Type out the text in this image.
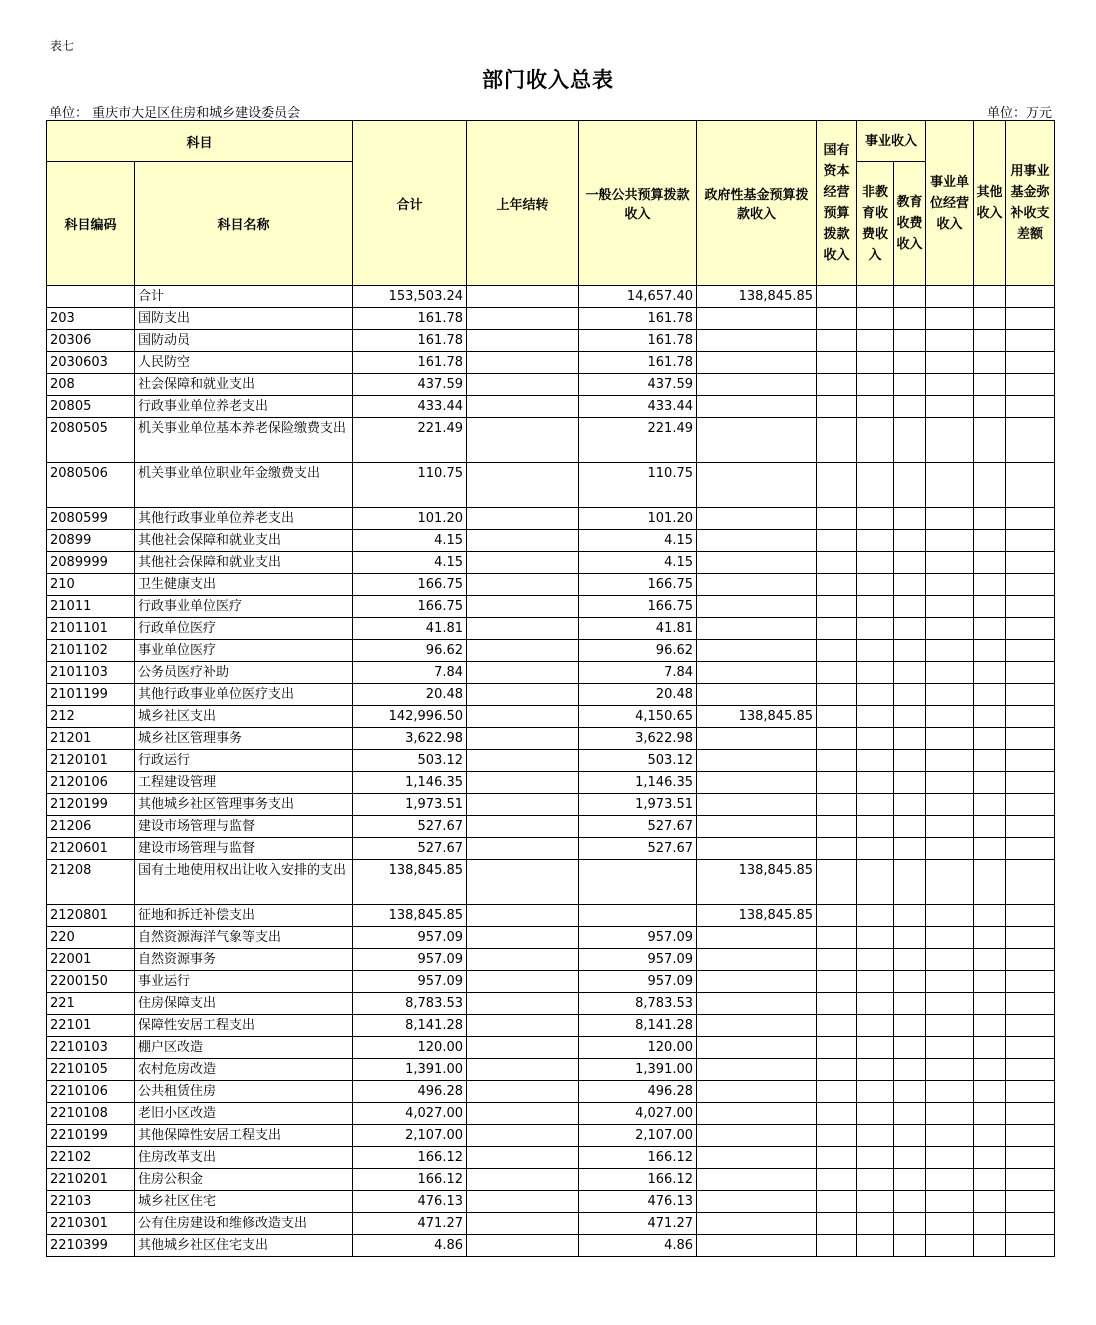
表七
部门收入总表
单位： 重庆市大足区住房和城乡建设委员会	单位：万元
科目		合计	上年结转	一般公共预算拨款收入	政府性基金预算拨款收入	国有资本经营预算拨款收入	事业收入		事业单位经营收入	其他收入	用事业基金弥补收支差额
科目编码	科目名称						非教育收费收入	教育收费收入			

	合计	153,503.24		14,657.40	138,845.85						
203	国防支出	161.78		161.78							
20306	国防动员	161.78		161.78							
2030603	人民防空	161.78		161.78							
208	社会保障和就业支出	437.59		437.59							
20805	行政事业单位养老支出	433.44		433.44							
2080505	机关事业单位基本养老保险缴费支出	221.49		221.49							
2080506	机关事业单位职业年金缴费支出	110.75		110.75							
2080599	其他行政事业单位养老支出	101.20		101.20							
20899	其他社会保障和就业支出	4.15		4.15							
2089999	其他社会保障和就业支出	4.15		4.15							
210	卫生健康支出	166.75		166.75							
21011	行政事业单位医疗	166.75		166.75							
2101101	行政单位医疗	41.81		41.81							
2101102	事业单位医疗	96.62		96.62							
2101103	公务员医疗补助	7.84		7.84							
2101199	其他行政事业单位医疗支出	20.48		20.48							
212	城乡社区支出	142,996.50		4,150.65	138,845.85						
21201	城乡社区管理事务	3,622.98		3,622.98							
2120101	行政运行	503.12		503.12							
2120106	工程建设管理	1,146.35		1,146.35							
2120199	其他城乡社区管理事务支出	1,973.51		1,973.51							
21206	建设市场管理与监督	527.67		527.67							
2120601	建设市场管理与监督	527.67		527.67							
21208	国有土地使用权出让收入安排的支出	138,845.85			138,845.85						
2120801	征地和拆迁补偿支出	138,845.85			138,845.85						
220	自然资源海洋气象等支出	957.09		957.09							
22001	自然资源事务	957.09		957.09							
2200150	事业运行	957.09		957.09							
221	住房保障支出	8,783.53		8,783.53							
22101	保障性安居工程支出	8,141.28		8,141.28							
2210103	棚户区改造	120.00		120.00							
2210105	农村危房改造	1,391.00		1,391.00							
2210106	公共租赁住房	496.28		496.28							
2210108	老旧小区改造	4,027.00		4,027.00							
2210199	其他保障性安居工程支出	2,107.00		2,107.00							
22102	住房改革支出	166.12		166.12							
2210201	住房公积金	166.12		166.12							
22103	城乡社区住宅	476.13		476.13							
2210301	公有住房建设和维修改造支出	471.27		471.27							
2210399	其他城乡社区住宅支出	4.86		4.86							
